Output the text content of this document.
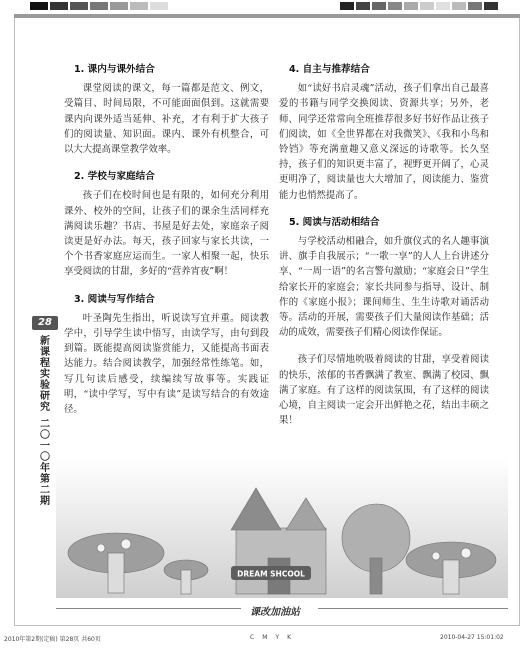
28
新课程实验研究
二〇一〇年第二期
1. 课内与课外结合

课堂阅读的课文，每一篇都是范文、例文，受篇目、时间局限，不可能面面俱到。这就需要课内向课外适当延伸、补充，才有利于扩大孩子们的阅读量、知识面。课内、课外有机整合，可以大大提高课堂教学效率。

2. 学校与家庭结合

孩子们在校时间也是有限的，如何充分利用课外、校外的空间，让孩子们的课余生活同样充满阅读乐趣？书店、书屋是好去处，家庭亲子阅读更是好办法。每天，孩子回家与家长共读，一个个书香家庭应运而生。一家人相聚一起，快乐享受阅读的甘甜，多好的“营养宵夜”啊！

3. 阅读与写作结合

叶圣陶先生指出，听说读写宜并重。阅读教学中，引导学生读中悟写，由读学写，由句到段到篇。既能提高阅读鉴赏能力，又能提高书面表达能力。结合阅读教学，加强经常性练笔。如，写几句读后感受，续编续写故事等。实践证明，“读中学写，写中有读”是读写结合的有效途径。

4. 自主与推荐结合

如“读好书启灵魂”活动，孩子们拿出自己最喜爱的书籍与同学交换阅读、资源共享；另外，老师、同学还常常向全班推荐很多好书好作品让孩子们阅读，如《全世界都在对我微笑》、《我和小鸟和铃铛》等充满童趣又意义深远的诗歌等。长久坚持，孩子们的知识更丰富了，视野更开阔了，心灵更明净了，阅读量也大大增加了，阅读能力、鉴赏能力也悄然提高了。

5. 阅读与活动相结合

与学校活动相融合，如升旗仪式的名人趣事演讲、旗手自我展示；“一歌一享”的人人上台讲述分享、“一周一语”的名言警句激励；“家庭会日”学生给家长开的家庭会；家长共同参与指导、设计、制作的《家庭小报》；课间师生、生生诗歌对诵活动等。活动的开展，需要孩子们大量阅读作基础；活动的成效，需要孩子们精心阅读作保证。

孩子们尽情地吮吸着阅读的甘甜，享受着阅读的快乐，浓郁的书香飘满了教室、飘满了校园、飘满了家庭。有了这样的阅读氛围，有了这样的阅读心境，自主阅读一定会开出鲜艳之花，结出丰硕之果！

DREAM SHCOOL
课改加油站
2010年第2期(定稿) 第28页 共60页	CMYK	2010-04-27 15:01:02
